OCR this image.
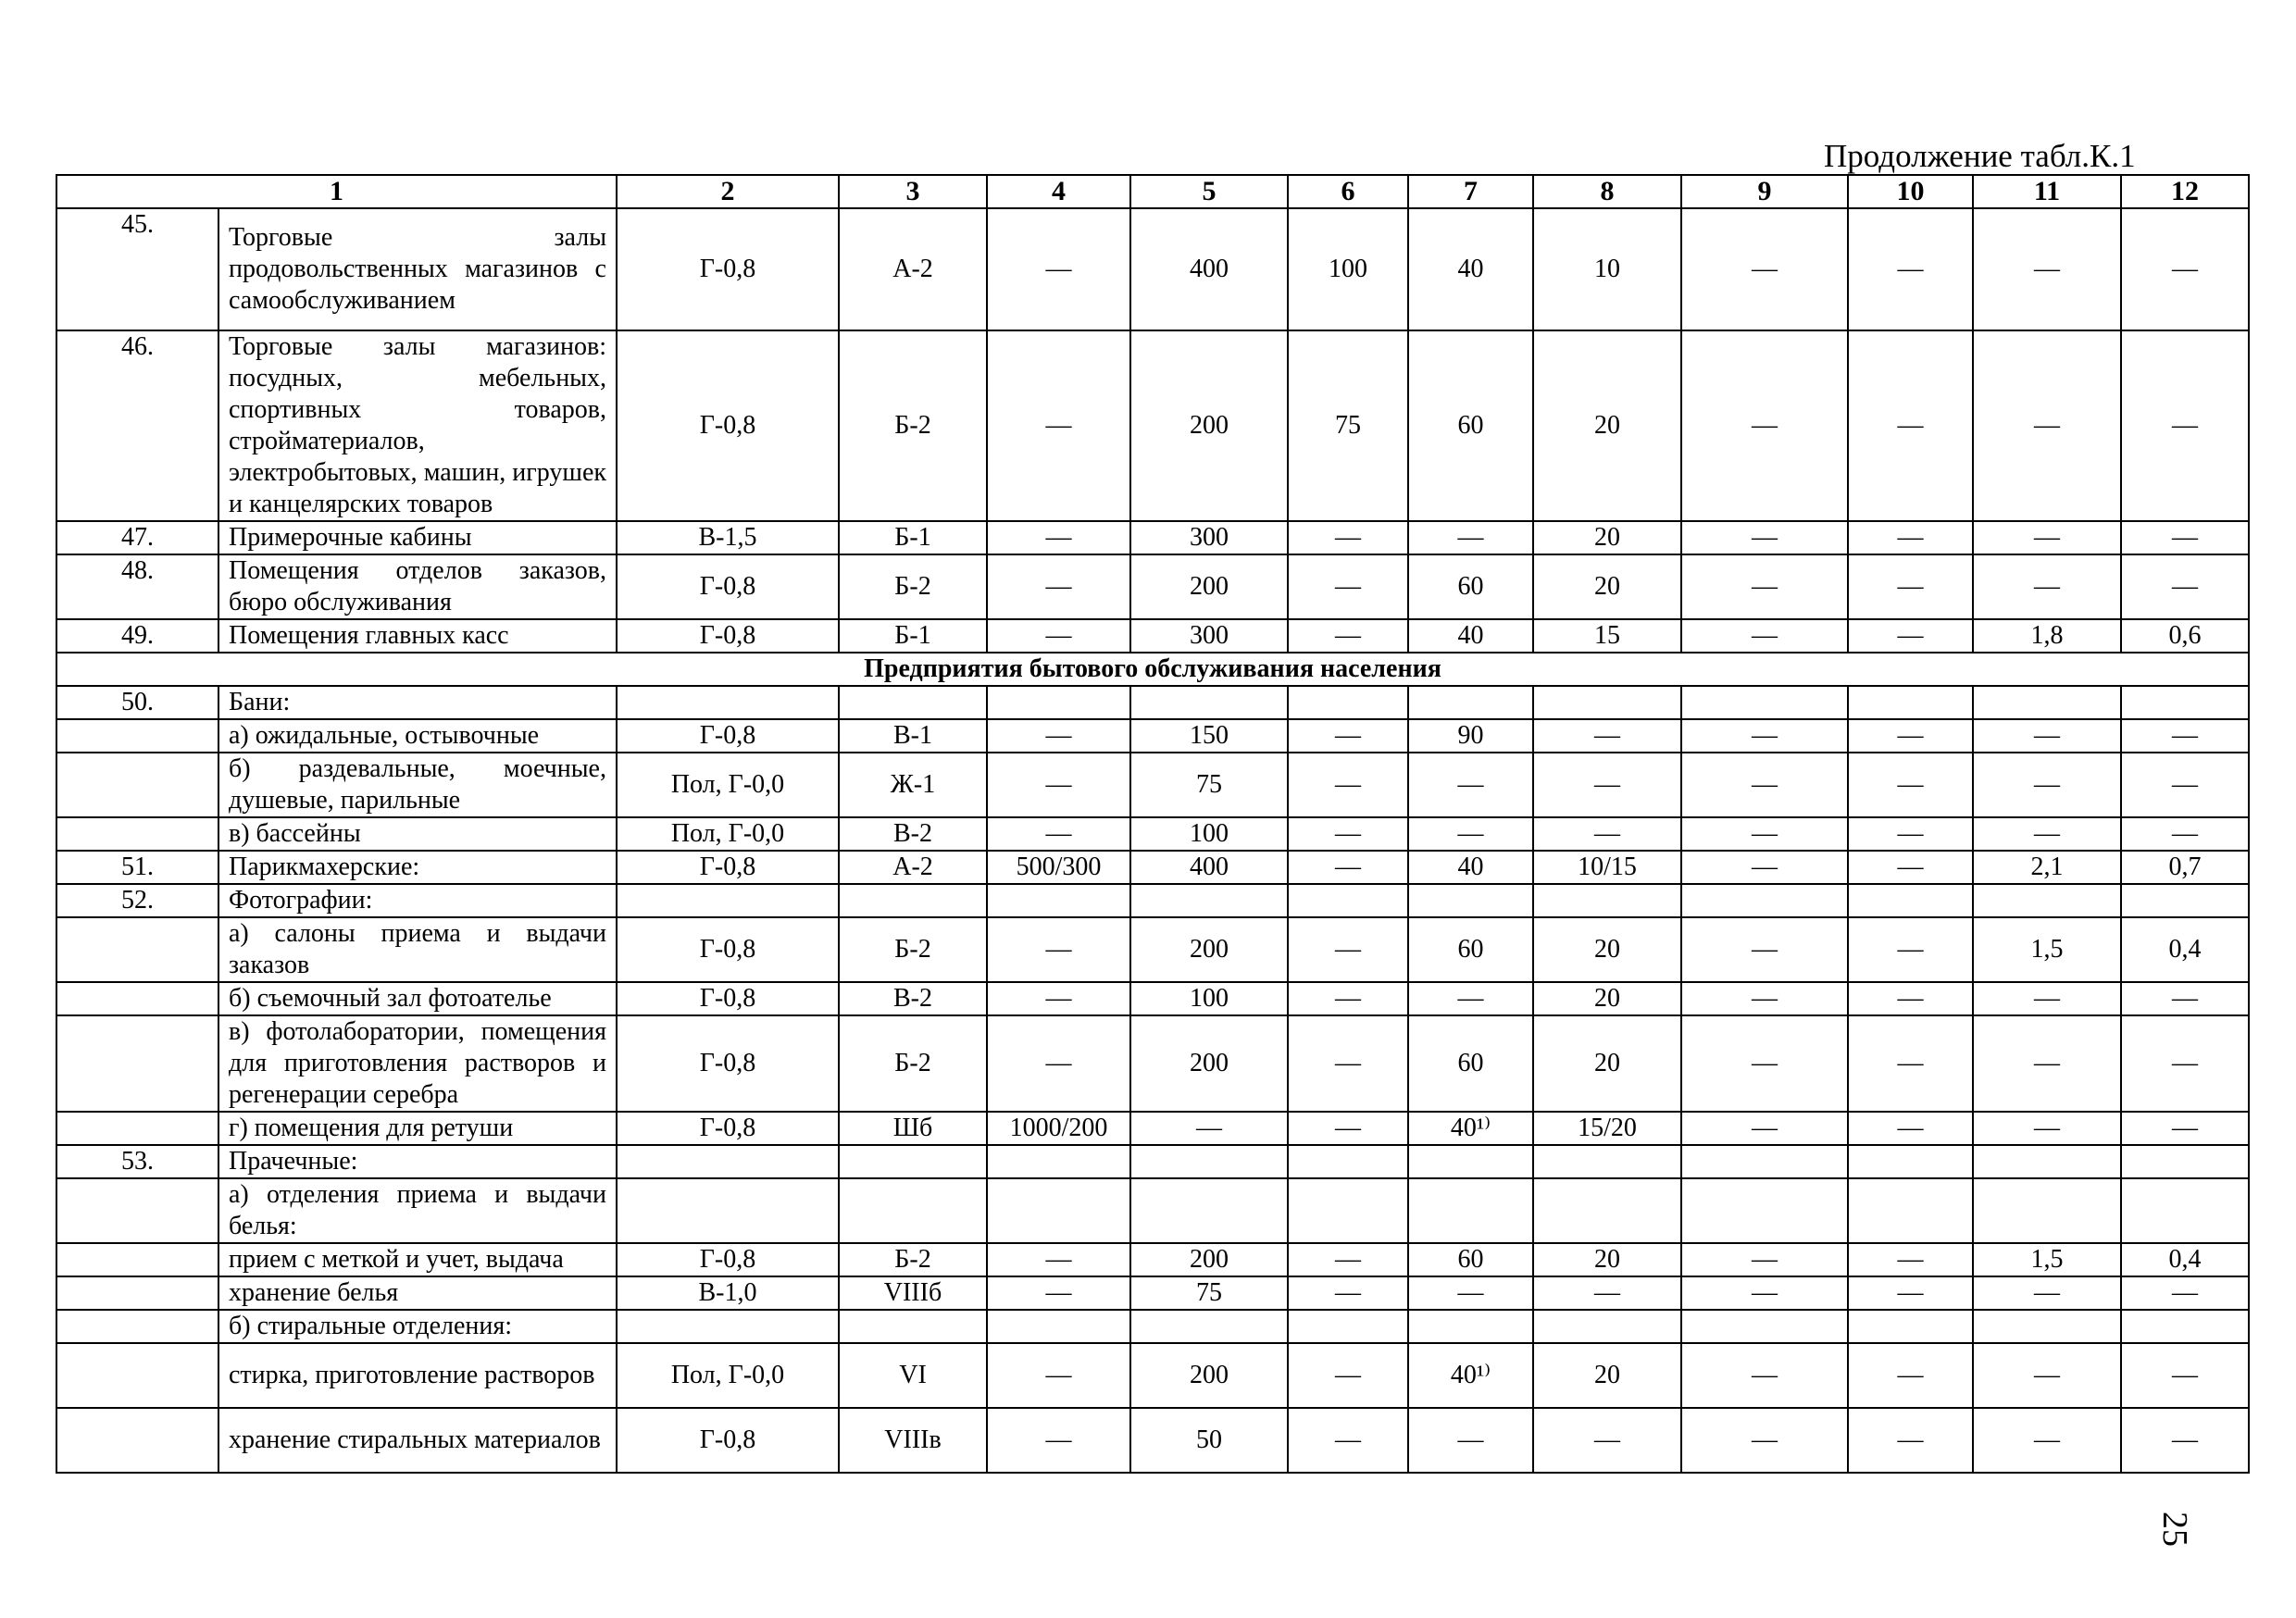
Продолжение табл.К.1
1		2	3	4	5	6	7	8	9	10	11	12
45.	Торговые залы продовольственных магазинов с самообслуживанием	Г-0,8	А-2	—	400	100	40	10	—	—	—	—
46.	Торговые залы магазинов: посудных, мебельных, спортивных товаров, стройматериалов, электробытовых, машин, игрушек и канцелярских товаров	Г-0,8	Б-2	—	200	75	60	20	—	—	—	—
47.	Примерочные кабины	В-1,5	Б-1	—	300	—	—	20	—	—	—	—
48.	Помещения отделов заказов, бюро обслуживания	Г-0,8	Б-2	—	200	—	60	20	—	—	—	—
49.	Помещения главных касс	Г-0,8	Б-1	—	300	—	40	15	—	—	1,8	0,6
Предприятия бытового обслуживания населения												
50.	Бани:											
	а) ожидальные, остывочные	Г-0,8	В-1	—	150	—	90	—	—	—	—	—
	б) раздевальные, моечные, душевые, парильные	Пол, Г-0,0	Ж-1	—	75	—	—	—	—	—	—	—
	в) бассейны	Пол, Г-0,0	В-2	—	100	—	—	—	—	—	—	—
51.	Парикмахерские:	Г-0,8	А-2	500/300	400	—	40	10/15	—	—	2,1	0,7
52.	Фотографии:											
	а) салоны приема и выдачи заказов	Г-0,8	Б-2	—	200	—	60	20	—	—	1,5	0,4
	б) съемочный зал фотоателье	Г-0,8	В-2	—	100	—	—	20	—	—	—	—
	в) фотолаборатории, помещения для приготовления растворов и регенерации серебра	Г-0,8	Б-2	—	200	—	60	20	—	—	—	—
	г) помещения для ретуши	Г-0,8	Шб	1000/200	—	—	40¹⁾	15/20	—	—	—	—
53.	Прачечные:											
	а) отделения приема и выдачи белья:											
	прием с меткой и учет, выдача	Г-0,8	Б-2	—	200	—	60	20	—	—	1,5	0,4
	хранение белья	В-1,0	VIIIб	—	75	—	—	—	—	—	—	—
	б) стиральные отделения:											
	стирка, приготовление растворов	Пол, Г-0,0	VI	—	200	—	40¹⁾	20	—	—	—	—
	хранение стиральных материалов	Г-0,8	VIIIв	—	50	—	—	—	—	—	—	—
25
